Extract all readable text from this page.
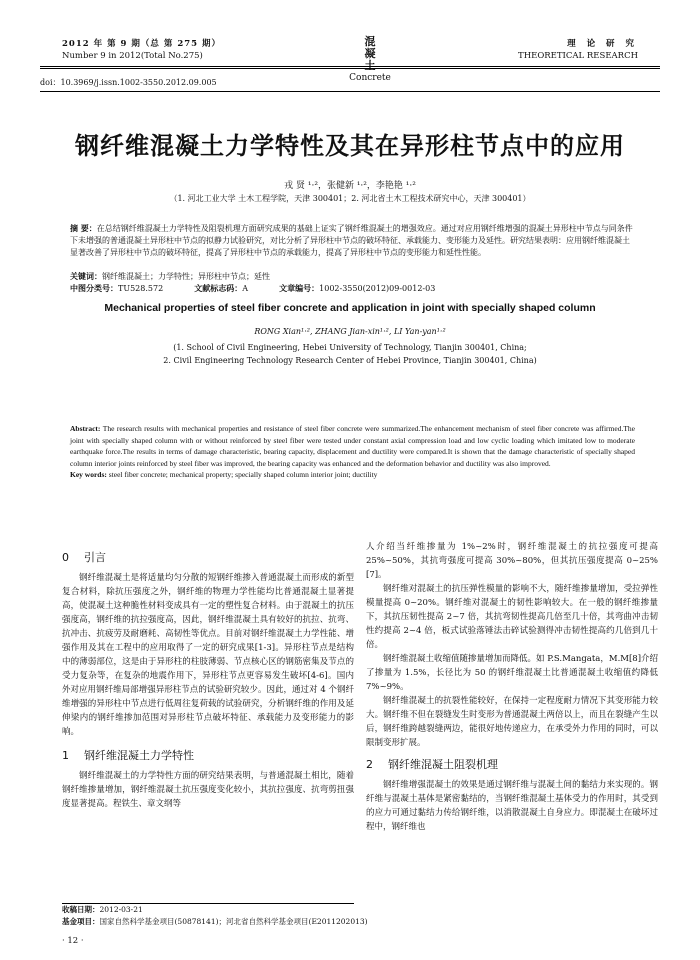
2012 年 第 9 期（总 第 275 期）
Number 9 in 2012(Total No.275)
混 凝 土
Concrete
理 论 研 究
THEORETICAL RESEARCH
doi：10.3969/j.issn.1002-3550.2012.09.005
钢纤维混凝土力学特性及其在异形柱节点中的应用
戎 贤 ¹·²，张健新 ¹·²，李艳艳 ¹·²
（1. 河北工业大学 土木工程学院，天津 300401；2. 河北省土木工程技术研究中心，天津 300401）
摘 要：在总结钢纤维混凝土力学特性及阻裂机理方面研究成果的基础上证实了钢纤维混凝土的增强效应。通过对应用钢纤维增强的混凝土异形柱中节点与同条件下未增强的普通混凝土异形柱中节点的拟静力试验研究，对比分析了异形柱中节点的破坏特征、承载能力、变形能力及延性。研究结果表明：应用钢纤维混凝土显著改善了异形柱中节点的破坏特征，提高了异形柱中节点的承载能力，提高了异形柱中节点的变形能力和延性性能。
关键词：钢纤维混凝土；力学特性；异形柱中节点；延性
中图分类号：TU528.572	文献标志码：A	文章编号：1002-3550(2012)09-0012-03
Mechanical properties of steel fiber concrete and application in joint with specially shaped column
RONG Xian¹·², ZHANG Jian-xin¹·², LI Yan-yan¹·²
(1. School of Civil Engineering, Hebei University of Technology, Tianjin 300401, China;
2. Civil Engineering Technology Research Center of Hebei Province, Tianjin 300401, China)
Abstract: The research results with mechanical properties and resistance of steel fiber concrete were summarized.The enhancement mechanism of steel fiber concrete was affirmed.The joint with specially shaped column with or without reinforced by steel fiber were tested under constant axial compression load and low cyclic loading which imitated low to moderate earthquake force.The results in terms of damage characteristic, bearing capacity, displacement and ductility were compared.It is shown that the damage characteristic of specially shaped column interior joints reinforced by steel fiber was improved, the bearing capacity was enhanced and the deformation behavior and ductility was also improved.
Key words: steel fiber concrete; mechanical property; specially shaped column interior joint; ductility
0 引言

钢纤维混凝土是将适量均匀分散的短钢纤维掺入普通混凝土而形成的新型复合材料，除抗压强度之外，钢纤维的物理力学性能均比普通混凝土显著提高，使混凝土这种脆性材料变成具有一定的塑性复合材料。由于混凝土的抗压强度高，钢纤维的抗拉强度高，因此，钢纤维混凝土具有较好的抗拉、抗弯、抗冲击、抗疲劳及耐磨耗、高韧性等优点。目前对钢纤维混凝土力学性能、增强作用及其在工程中的应用取得了一定的研究成果[1-3]。异形柱节点是结构中的薄弱部位，这是由于异形柱的柱肢薄弱、节点核心区的钢筋密集及节点的受力复杂等，在复杂的地震作用下，异形柱节点更容易发生破坏[4-6]。国内外对应用钢纤维局部增强异形柱节点的试验研究较少。因此，通过对 4 个钢纤维增强的异形柱中节点进行低周往复荷载的试验研究，分析钢纤维的作用及延伸梁内的钢纤维掺加范围对异形柱节点破坏特征、承载能力及变形能力的影响。

1 钢纤维混凝土力学特性

钢纤维混凝土的力学特性方面的研究结果表明，与普通混凝土相比，随着钢纤维掺量增加，钢纤维混凝土抗压强度变化较小，其抗拉强度、抗弯剪扭强度显著提高。程铁生、章文纲等

收稿日期：2012-03-21
基金项目：国家自然科学基金项目(50878141)；河北省自然科学基金项目(E2011202013)
· 12 ·

人介绍当纤维掺量为 1%~2%时，钢纤维混凝土的抗拉强度可提高 25%~50%，其抗弯强度可提高 30%~80%，但其抗压强度提高 0~25%[7]。

钢纤维对混凝土的抗压弹性模量的影响不大，随纤维掺量增加，受拉弹性模量提高 0~20%。钢纤维对混凝土的韧性影响较大。在一般的钢纤维掺量下，其抗压韧性提高 2~7 倍，其抗弯韧性提高几倍至几十倍，其弯曲冲击韧性约提高 2~4 倍，板式试验落锤法击碎试验测得冲击韧性提高约几倍到几十倍。

钢纤维混凝土收缩值随掺量增加而降低。如 P.S.Mangata，M.M[8]介绍了掺量为 1.5%，长径比为 50 的钢纤维混凝土比普通混凝土收缩值约降低 7%~9%。

钢纤维混凝土的抗裂性能较好，在保持一定程度耐力情况下其变形能力较大。钢纤维不但在裂缝发生时变形为普通混凝土两倍以上，而且在裂缝产生以后，钢纤维跨越裂缝两边，能很好地传递应力，在承受外力作用的同时，可以限制变形扩展。

2 钢纤维混凝土阻裂机理

钢纤维增强混凝土的效果是通过钢纤维与混凝土间的黏结力来实现的。钢纤维与混凝土基体是紧密黏结的，当钢纤维混凝土基体受力的作用时，其受到的应力可通过黏结力传给钢纤维，以消散混凝土自身应力。即混凝土在破坏过程中，钢纤维也
